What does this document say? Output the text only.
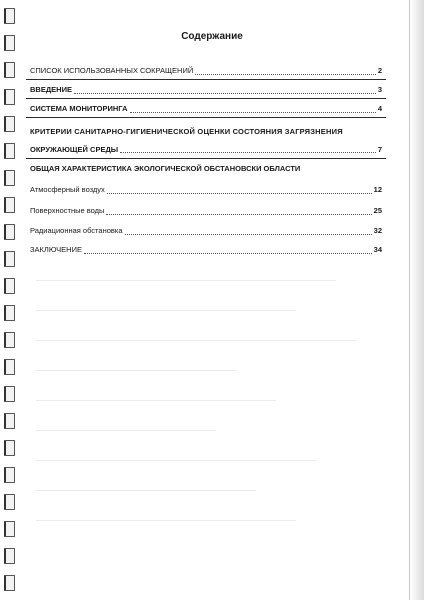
Содержание
СПИСОК ИСПОЛЬЗОВАННЫХ СОКРАЩЕНИЙ	2
ВВЕДЕНИЕ	3
СИСТЕМА МОНИТОРИНГА	4
КРИТЕРИИ САНИТАРНО-ГИГИЕНИЧЕСКОЙ ОЦЕНКИ СОСТОЯНИЯ ЗАГРЯЗНЕНИЯ
ОКРУЖАЮЩЕЙ СРЕДЫ	7
ОБЩАЯ ХАРАКТЕРИСТИКА ЭКОЛОГИЧЕСКОЙ ОБСТАНОВСКИ ОБЛАСТИ
Атмосферный воздух	12
Поверхностные воды	25
Радиационная обстановка	32
ЗАКЛЮЧЕНИЕ	34
